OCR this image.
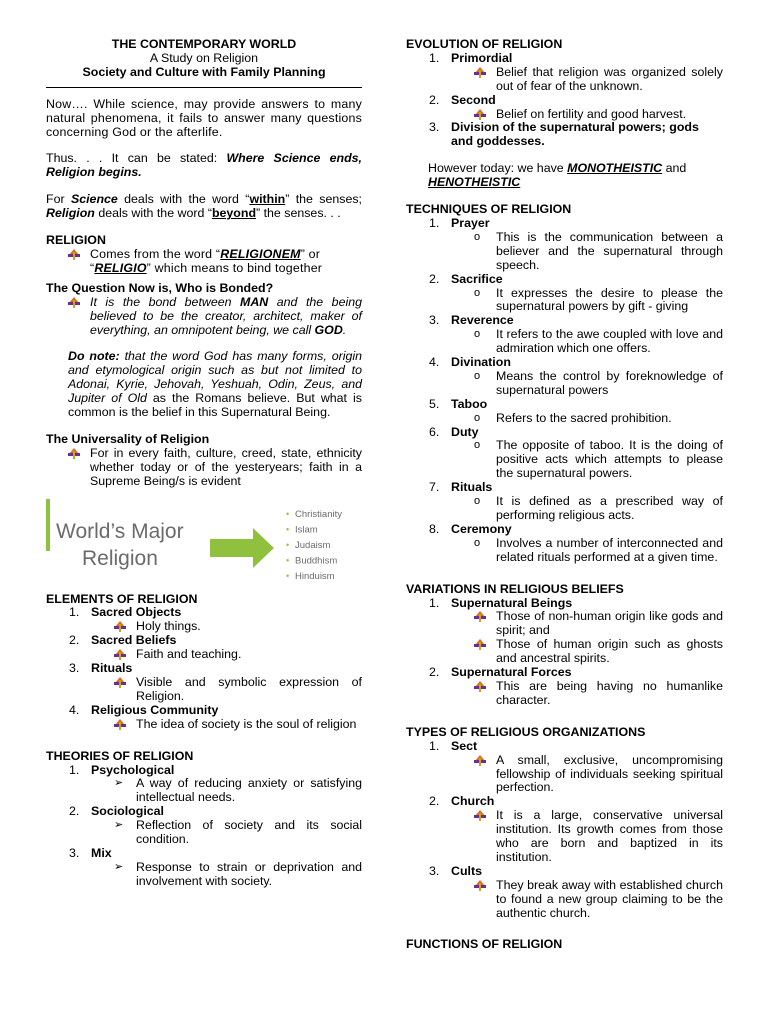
THE CONTEMPORARY WORLD
A Study on Religion
Society and Culture with Family Planning
Now…. While science, may provide answers to many natural phenomena, it fails to answer many questions concerning God or the afterlife.
Thus. . . It can be stated: Where Science ends, Religion begins.
For Science deals with the word “within” the senses; Religion deals with the word “beyond” the senses. . .
RELIGION
Comes from the word “RELIGIONEM” or “RELIGIO” which means to bind together
The Question Now is, Who is Bonded?
It is the bond between MAN and the being believed to be the creator, architect, maker of everything, an omnipotent being, we call GOD.
Do note: that the word God has many forms, origin and etymological origin such as but not limited to Adonai, Kyrie, Jehovah, Yeshuah, Odin, Zeus, and Jupiter of Old as the Romans believe. But what is common is the belief in this Supernatural Being.
The Universality of Religion
For in every faith, culture, creed, state, ethnicity whether today or of the yesteryears; faith in a Supreme Being/s is evident
World’s Major
Religion
• Christianity
• Islam
• Judaism
• Buddhism
• Hinduism
ELEMENTS OF RELIGION
1. Sacred Objects
Holy things.
2. Sacred Beliefs
Faith and teaching.
3. Rituals
Visible and symbolic expression of Religion.
4. Religious Community
The idea of society is the soul of religion
THEORIES OF RELIGION
1. Psychological
➢ A way of reducing anxiety or satisfying intellectual needs.
2. Sociological
➢ Reflection of society and its social condition.
3. Mix
➢ Response to strain or deprivation and involvement with society.
EVOLUTION OF RELIGION
1. Primordial
Belief that religion was organized solely out of fear of the unknown.
2. Second
Belief on fertility and good harvest.
3. Division of the supernatural powers; gods and goddesses.
However today: we have MONOTHEISTIC and
HENOTHEISTIC
TECHNIQUES OF RELIGION
1. Prayer
o This is the communication between a believer and the supernatural through speech.
2. Sacrifice
o It expresses the desire to please the supernatural powers by gift - giving
3. Reverence
o It refers to the awe coupled with love and admiration which one offers.
4. Divination
o Means the control by foreknowledge of supernatural powers
5. Taboo
o Refers to the sacred prohibition.
6. Duty
o The opposite of taboo. It is the doing of positive acts which attempts to please the supernatural powers.
7. Rituals
o It is defined as a prescribed way of performing religious acts.
8. Ceremony
o Involves a number of interconnected and related rituals performed at a given time.
VARIATIONS IN RELIGIOUS BELIEFS
1. Supernatural Beings
Those of non-human origin like gods and spirit; and
Those of human origin such as ghosts and ancestral spirits.
2. Supernatural Forces
This are being having no humanlike character.
TYPES OF RELIGIOUS ORGANIZATIONS
1. Sect
A small, exclusive, uncompromising fellowship of individuals seeking spiritual perfection.
2. Church
It is a large, conservative universal institution. Its growth comes from those who are born and baptized in its institution.
3. Cults
They break away with established church to found a new group claiming to be the authentic church.
FUNCTIONS OF RELIGION
